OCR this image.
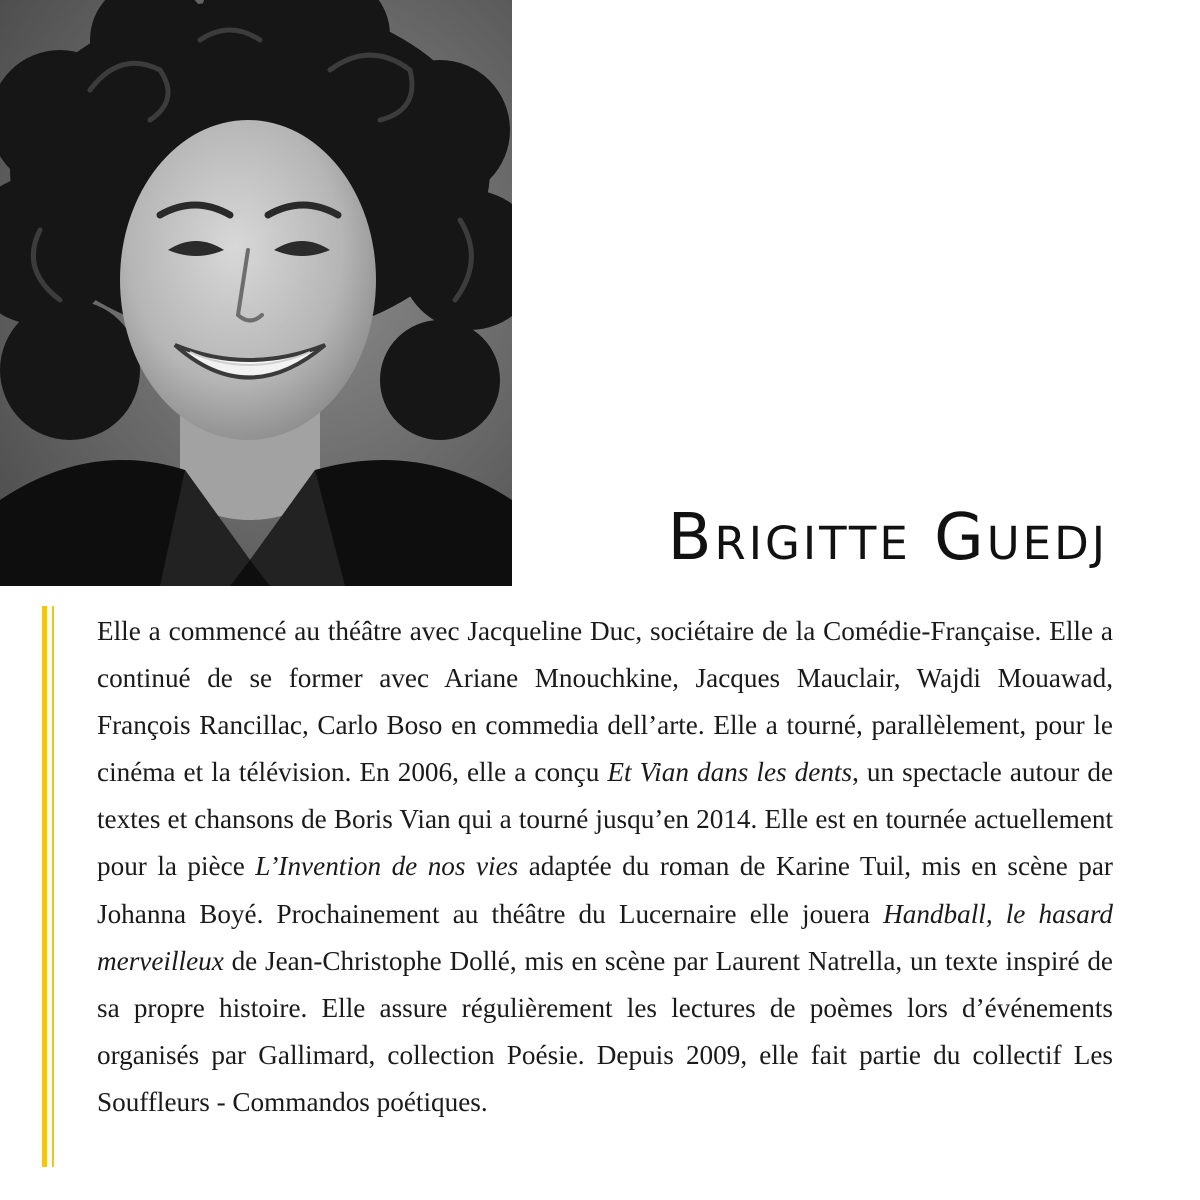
Brigitte Guedj

Elle a commencé au théâtre avec Jacqueline Duc, sociétaire de la Comédie-Française. Elle a continué de se former avec Ariane Mnouchkine, Jacques Mauclair, Wajdi Mouawad, François Rancillac, Carlo Boso en commedia dell’arte. Elle a tourné, parallèlement, pour le cinéma et la télévision. En 2006, elle a conçu Et Vian dans les dents, un spectacle autour de textes et chansons de Boris Vian qui a tourné jusqu’en 2014. Elle est en tournée actuellement pour la pièce L’Invention de nos vies adaptée du roman de Karine Tuil, mis en scène par Johanna Boyé. Prochainement au théâtre du Lucernaire elle jouera Handball, le hasard merveilleux de Jean-Christophe Dollé, mis en scène par Laurent Natrella, un texte inspiré de sa propre histoire. Elle assure régulièrement les lectures de poèmes lors d’événements organisés par Gallimard, collection Poésie. Depuis 2009, elle fait partie du collectif Les Souffleurs - Commandos poétiques.
